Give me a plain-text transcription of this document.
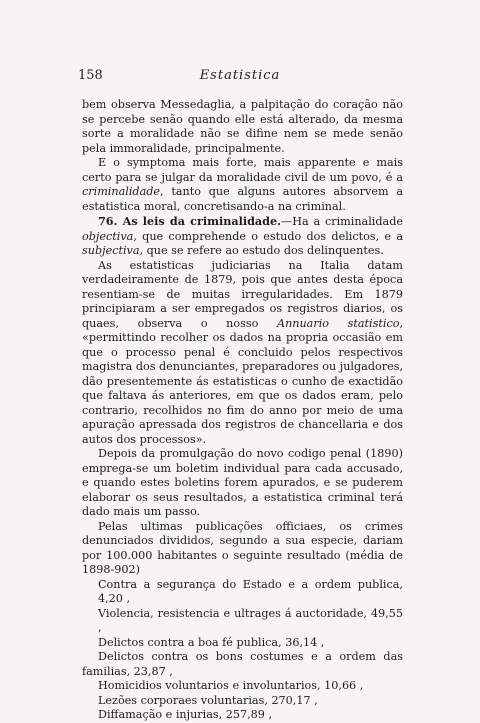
158	Estatistica

bem observa Messedaglia, a palpitação do coração não se percebe senão quando elle está alterado, da mesma sorte a moralidade não se difine nem se mede senão pela immoralidade, principalmente.

E o symptoma mais forte, mais apparente e mais certo para se julgar da moralidade civil de um povo, é a criminalidade, tanto que alguns autores absorvem a estatistica moral, concretisando-a na criminal.

76. As leis da criminalidade.—Ha a criminalidade objectiva, que comprehende o estudo dos delictos, e a subjectiva, que se refere ao estudo dos delinquentes.

As estatisticas judiciarias na Italia datam verdadeiramente de 1879, pois que antes desta época resentiam-se de muitas irregularidades. Em 1879 principiaram a ser empregados os registros diarios, os quaes, observa o nosso Annuario statistico, «permittindo recolher os dados na propria occasião em que o processo penal é concluido pelos respectivos magistra dos denunciantes, preparadores ou julgadores, dão presentemente ás estatisticas o cunho de exactidão que faltava ás anteriores, em que os dados eram, pelo contrario, recolhidos no fim do anno por meio de uma apuração apressada dos registros de chancellaria e dos autos dos processos».

Depois da promulgação do novo codigo penal (1890) emprega-se um boletim individual para cada accusado, e quando estes boletins forem apurados, e se puderem elaborar os seus resultados, a estatistica criminal terá dado mais um passo.

Pelas ultimas publicações officiaes, os crimes denunciados divididos, segundo a sua especie, dariam por 100.000 habitantes o seguinte resultado (média de 1898-902)

Contra a segurança do Estado e a ordem publica, 4,20 ,

Violencia, resistencia e ultrages á auctoridade, 49,55 ,

Delictos contra a boa fé publica, 36,14 ,

Delictos contra os bons costumes e a ordem das familias, 23,87 ,

Homicidios voluntarios e involuntarios, 10,66 ,

Lezões corporaes voluntarias, 270,17 ,

Diffamação e injurias, 257,89 ,
